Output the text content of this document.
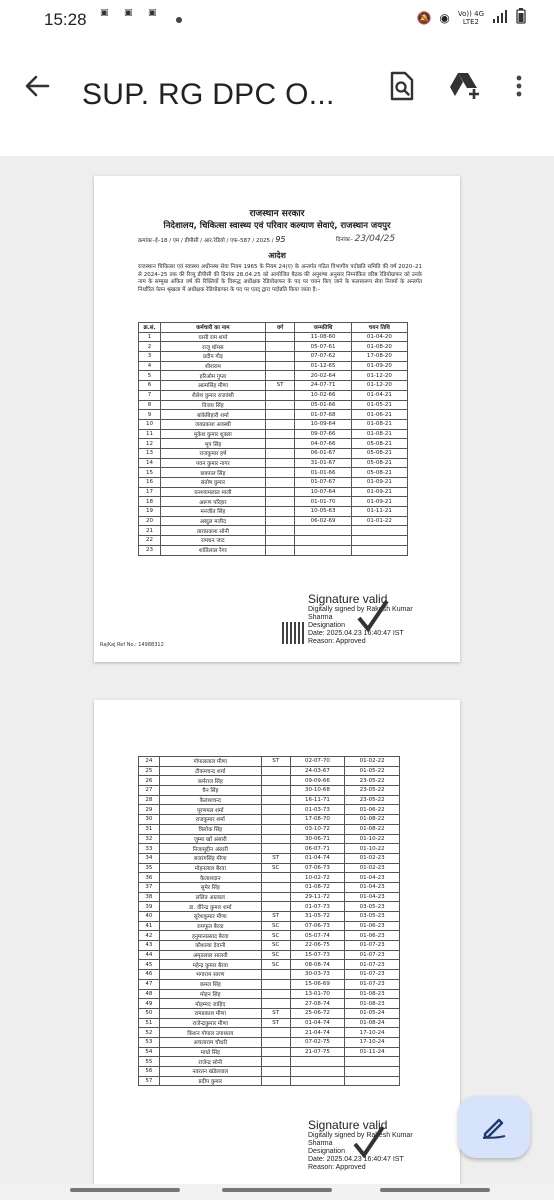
15:28 ▣ ▣ ▣	🔕 ◉ Vo)) 4G
LTE2
SUP. RG DPC O...
राजस्थान सरकार
निदेशालय, चिकित्सा स्वास्थ्य एवं परिवार कल्याण सेवाएं, राजस्थान जयपुर
क्रमांकः–ई–18 / एम / डीपीसी / आर.रेडियो / एफ–587 / 2025 / 95	दिनांकः– 23/04/25
आदेश
राजस्थान चिकित्सा एवं स्वास्थ्य अधीनस्थ सेवा नियम 1965 के नियम 24(ए) के अन्तर्गत गठित विभागीय पदोन्नति समिति की वर्ष 2020–21 से 2024–25 तक की रिव्यू डीपीसी की दिनांक 28.04.25 को आयोजित बैठक की अनुशंषा अनुसार निम्नांकित वरिष्ठ रेडियोग्राफर को उनके नाम के सम्मुख अंकित वर्ष की रिक्तियों के विरूद्ध अधीक्षक रेडियोग्राफर के पद पर चयन किए जाने के फलस्वरूप सेवा नियमों के अन्तर्गत निर्धारित वेतन श्रृंखला में अधीक्षक रेडियोग्राफर के पद पर एतद् द्वारा पदोन्नति किया जाता है:–
क्र.सं.	कर्मचारी का नाम	वर्ग	जन्मतिथि	चयन तिथि
1	घासी राम शर्मा		11-08-60	01-04-20
2	राजू थॉमस		05-07-61	01-08-20
3	प्रदीप गौड़		07-07-62	17-08-20
4	शीशराम		01-12-65	01-09-20
5	हरिओम गुप्ता		20-02-64	01-12-20
6	आत्मसिंह मीणा	ST	24-07-71	01-12-20
7	शैलेश कुमार राजवंशी		10-02-66	01-04-21
8	विजय सिंह		05-01-66	01-05-21
9	बांकेबिहारी शर्मा		01-07-68	01-06-21
10	जयप्रकाश अवस्थी		10-09-64	01-08-21
11	मुकेश कुमार शुक्ला		09-07-66	01-08-21
12	भूप सिंह		04-07-66	05-08-21
13	राजकुमार हर्ष		06-01-67	05-08-21
14	पवन कुमार नागर		31-01-67	05-08-21
15	छत्रपाल सिंह		01-01-66	05-08-21
16	संतोष कुमार		01-07-67	01-09-21
17	घनश्यामलाल माली		10-07-64	01-09-21
18	अरूण परिहार		01-01-70	01-09-21
19	मनजीत सिंह		10-05-63	01-11-21
20	अब्दुल मजीद		06-02-69	01-01-22
21	ताराप्रकाश सोनी			
22	रामधन जाट			
23	शांतिलाल रैगर			
Signature valid
Digitally signed by Rakesh Kumar
Sharma
Designation
Date: 2025.04.23 16:40:47 IST
Reason: Approved
RajKaj Ref No.: 14988312
24	गोपाललाल मीणा	ST	02-07-70	01-02-22
25	टीकमचन्द शर्मा		24-03-67	01-05-22
26	कर्मराज सिंह		09-09-66	23-05-22
27	चैन सिंह		30-10-68	23-05-22
28	कैलाशचन्द		16-11-71	23-05-22
29	पूरणमल शर्मा		01-03-73	01-06-22
30	राजकुमार शर्मा		17-08-70	01-08-22
31	त्रिलोक सिंह		03-10-72	01-08-22
32	जुम्मा खाँ अंसारी		30-06-71	01-10-22
33	निजामुद्दीन अंसारी		06-07-71	01-10-22
34	बजरंगसिंह मीणा	ST	01-04-74	01-02-23
35	मोहनलाल बैरवा	SC	07-06-73	01-02-23
36	कैलाशदान		10-02-72	01-04-23
37	सुमेर सिंह		01-08-72	01-04-23
38	ललित अग्रवाल		29-11-72	01-04-23
39	डा. वीरेन्द्र कुमार शर्मा		01-07-73	03-05-23
40	सुरेशकुमार मीणा	ST	31-05-72	03-05-23
41	रामफूल बैरवा	SC	07-06-73	01-06-23
42	हनुमानप्रसाद बैरवा	SC	05-07-74	01-06-23
43	कौशल्या देवानी	SC	22-06-75	01-07-23
44	अमृतलाल सालवी	SC	15-07-73	01-07-23
45	महेन्द्र कुमार बैरवा	SC	08-08-74	01-07-23
46	भगाराम सारण		30-03-73	01-07-23
47	कमल सिंह		15-06-69	01-07-23
48	मोहन सिंह		13-01-70	01-08-23
49	मोहम्मद जाहिद		27-08-74	01-08-23
50	रामप्रकाश मीणा	ST	25-06-72	01-05-24
51	राजेन्द्रकुमार मीणा	ST	01-04-74	01-08-24
52	किशन गोपाल उपाध्याय		21-04-74	17-10-24
53	अचलाराम चौधरी		07-02-75	17-10-24
54	माधो सिंह		21-07-75	01-11-24
55	राजेन्द्र सोनी			
56	नवरतन खंडेलवाल			
57	प्रदीप कुमार			
Signature valid
Digitally signed by Rakesh Kumar
Sharma
Designation
Date: 2025.04.23 16:40:47 IST
Reason: Approved
